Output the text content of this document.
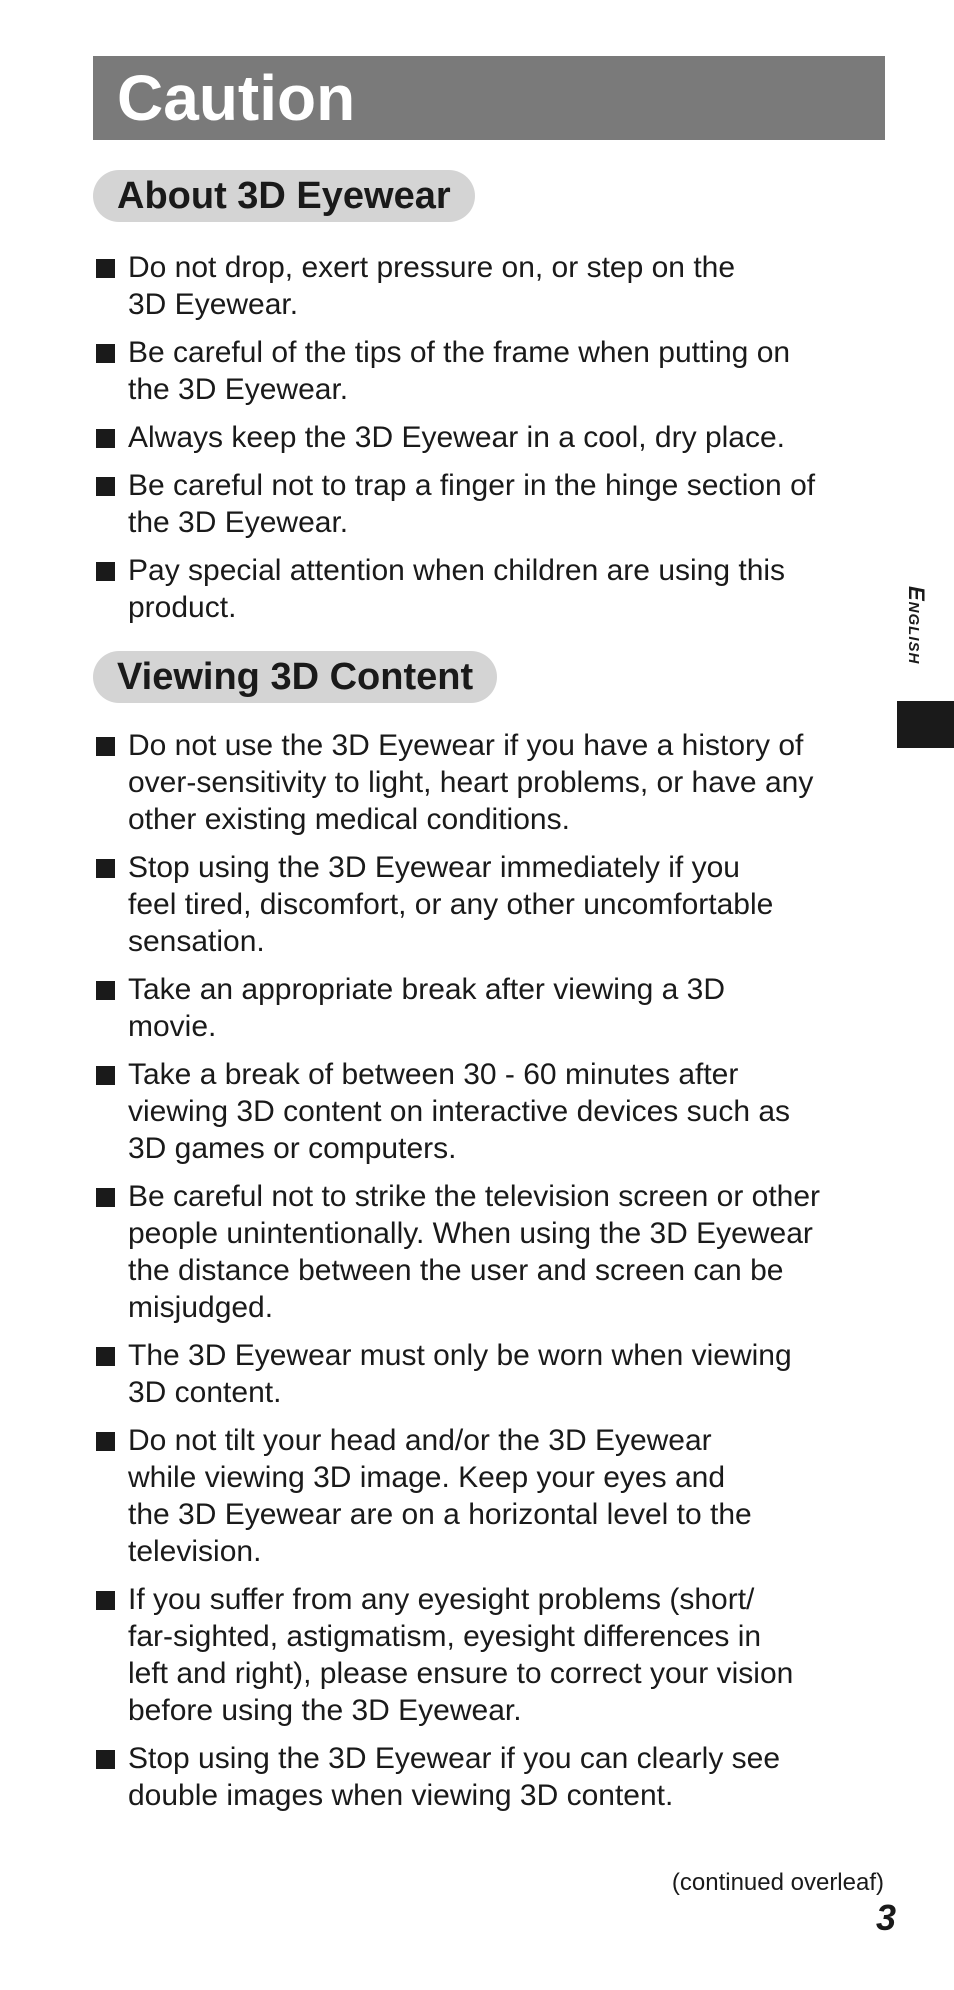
Caution
About 3D Eyewear
Do not drop, exert pressure on, or step on the
3D Eyewear.
Be careful of the tips of the frame when putting on
the 3D Eyewear.
Always keep the 3D Eyewear in a cool, dry place.
Be careful not to trap a finger in the hinge section of
the 3D Eyewear.
Pay special attention when children are using this
product.
Viewing 3D Content
Do not use the 3D Eyewear if you have a history of
over-sensitivity to light, heart problems, or have any
other existing medical conditions.
Stop using the 3D Eyewear immediately if you
feel tired, discomfort, or any other uncomfortable
sensation.
Take an appropriate break after viewing a 3D
movie.
Take a break of between 30 - 60 minutes after
viewing 3D content on interactive devices such as
3D games or computers.
Be careful not to strike the television screen or other
people unintentionally. When using the 3D Eyewear
the distance between the user and screen can be
misjudged.
The 3D Eyewear must only be worn when viewing
3D content.
Do not tilt your head and/or the 3D Eyewear
while viewing 3D image. Keep your eyes and
the 3D Eyewear are on a horizontal level to the
television.
If you suffer from any eyesight problems (short/
far-sighted, astigmatism, eyesight differences in
left and right), please ensure to correct your vision
before using the 3D Eyewear.
Stop using the 3D Eyewear if you can clearly see
double images when viewing 3D content.
English
(continued overleaf)
3
